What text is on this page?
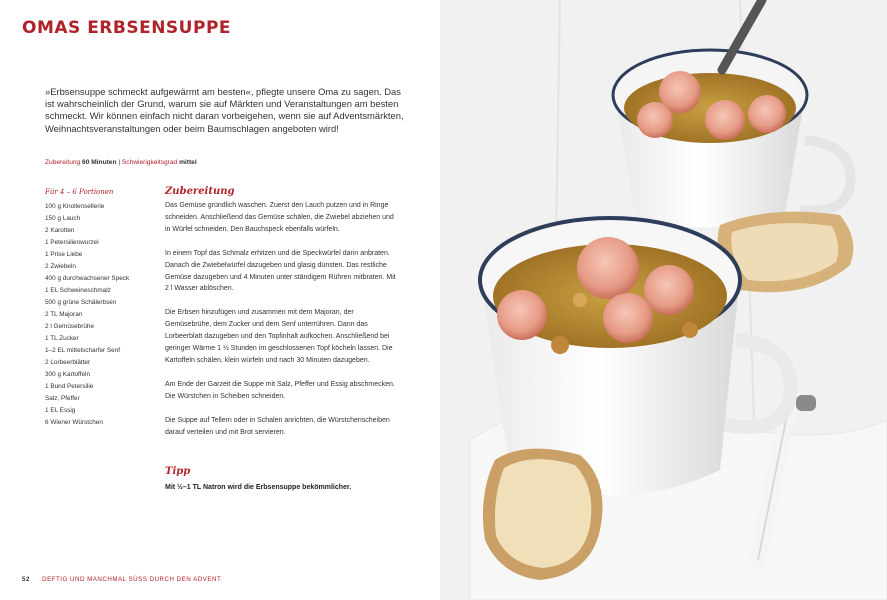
OMAS ERBSENSUPPE
»Erbsensuppe schmeckt aufgewärmt am besten«, pflegte unsere Oma zu sagen. Das ist wahrscheinlich der Grund, warum sie auf Märkten und Veranstaltungen am besten schmeckt. Wir können einfach nicht daran vorbeigehen, wenn sie auf Adventsmärkten, Weihnachtsveranstaltungen oder beim Baumschlagen angeboten wird!
Zubereitung 60 Minuten | Schwierigkeitsgrad mittel
Für 4 – 6 Portionen
100 g Knollensellerie
150 g Lauch
2 Karotten
1 Petersilienwurzel
1 Prise Liebe
2 Zwiebeln
400 g durchwachsener Speck
1 EL Schweineschmalz
500 g grüne Schälerbsen
2 TL Majoran
2 l Gemüsebrühe
1 TL Zucker
1–2 EL mittelscharfer Senf
2 Lorbeerblätter
300 g Kartoffeln
1 Bund Petersilie
Salz, Pfeffer
1 EL Essig
6 Wiener Würstchen
Zubereitung

Das Gemüse gründlich waschen. Zuerst den Lauch putzen und in Ringe schneiden. Anschließend das Gemüse schälen, die Zwiebel abziehen und in Würfel schneiden. Den Bauchspeck ebenfalls würfeln.

In einem Topf das Schmalz erhitzen und die Speckwürfel darin anbraten. Danach die Zwiebelwürfel dazugeben und glasig dünsten. Das restliche Gemüse dazugeben und 4 Minuten unter ständigem Rühren mitbraten. Mit 2 l Wasser ablöschen.

Die Erbsen hinzufügen und zusammen mit dem Majoran, der Gemüsebrühe, dem Zucker und dem Senf unterrühren. Dann das Lorbeerblatt dazugeben und den Topfinhalt aufkochen. Anschließend bei geringer Wärme 1 ½ Stunden im geschlossenen Topf köcheln lassen. Die Kartoffeln schälen, klein würfeln und nach 30 Minuten dazugeben.

Am Ende der Garzeit die Suppe mit Salz, Pfeffer und Essig abschmecken. Die Würstchen in Scheiben schneiden.

Die Suppe auf Tellern oder in Schalen anrichten, die Würstchenscheiben darauf verteilen und mit Brot servieren.

Tipp
Mit ½–1 TL Natron wird die Erbsensuppe bekömmlicher.
52 DEFTIG UND MANCHMAL SÜSS DURCH DEN ADVENT
